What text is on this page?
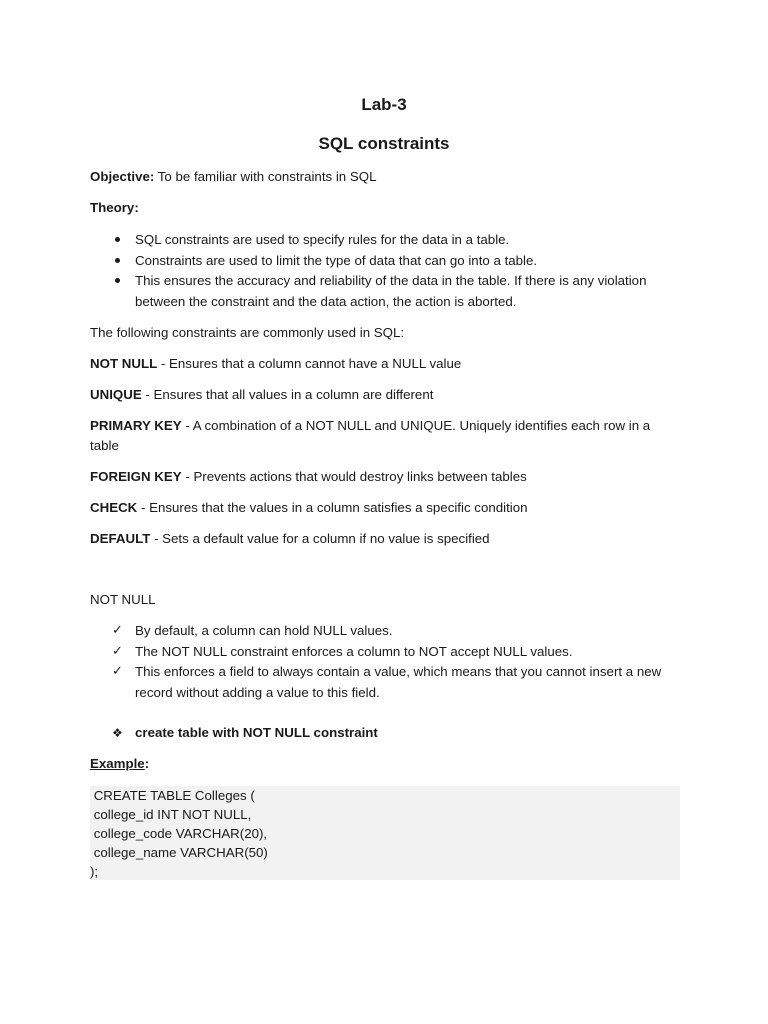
Lab-3
SQL constraints

Objective: To be familiar with constraints in SQL

Theory:

SQL constraints are used to specify rules for the data in a table.
Constraints are used to limit the type of data that can go into a table.
This ensures the accuracy and reliability of the data in the table. If there is any violation between the constraint and the data action, the action is aborted.

The following constraints are commonly used in SQL:

NOT NULL - Ensures that a column cannot have a NULL value

UNIQUE - Ensures that all values in a column are different

PRIMARY KEY - A combination of a NOT NULL and UNIQUE. Uniquely identifies each row in a table

FOREIGN KEY - Prevents actions that would destroy links between tables

CHECK - Ensures that the values in a column satisfies a specific condition

DEFAULT - Sets a default value for a column if no value is specified

NOT NULL

✓ By default, a column can hold NULL values.
✓ The NOT NULL constraint enforces a column to NOT accept NULL values.
✓ This enforces a field to always contain a value, which means that you cannot insert a new record without adding a value to this field.
❖ create table with NOT NULL constraint

Example:

CREATE TABLE Colleges (
college_id INT NOT NULL,
college_code VARCHAR(20),
college_name VARCHAR(50)
);
